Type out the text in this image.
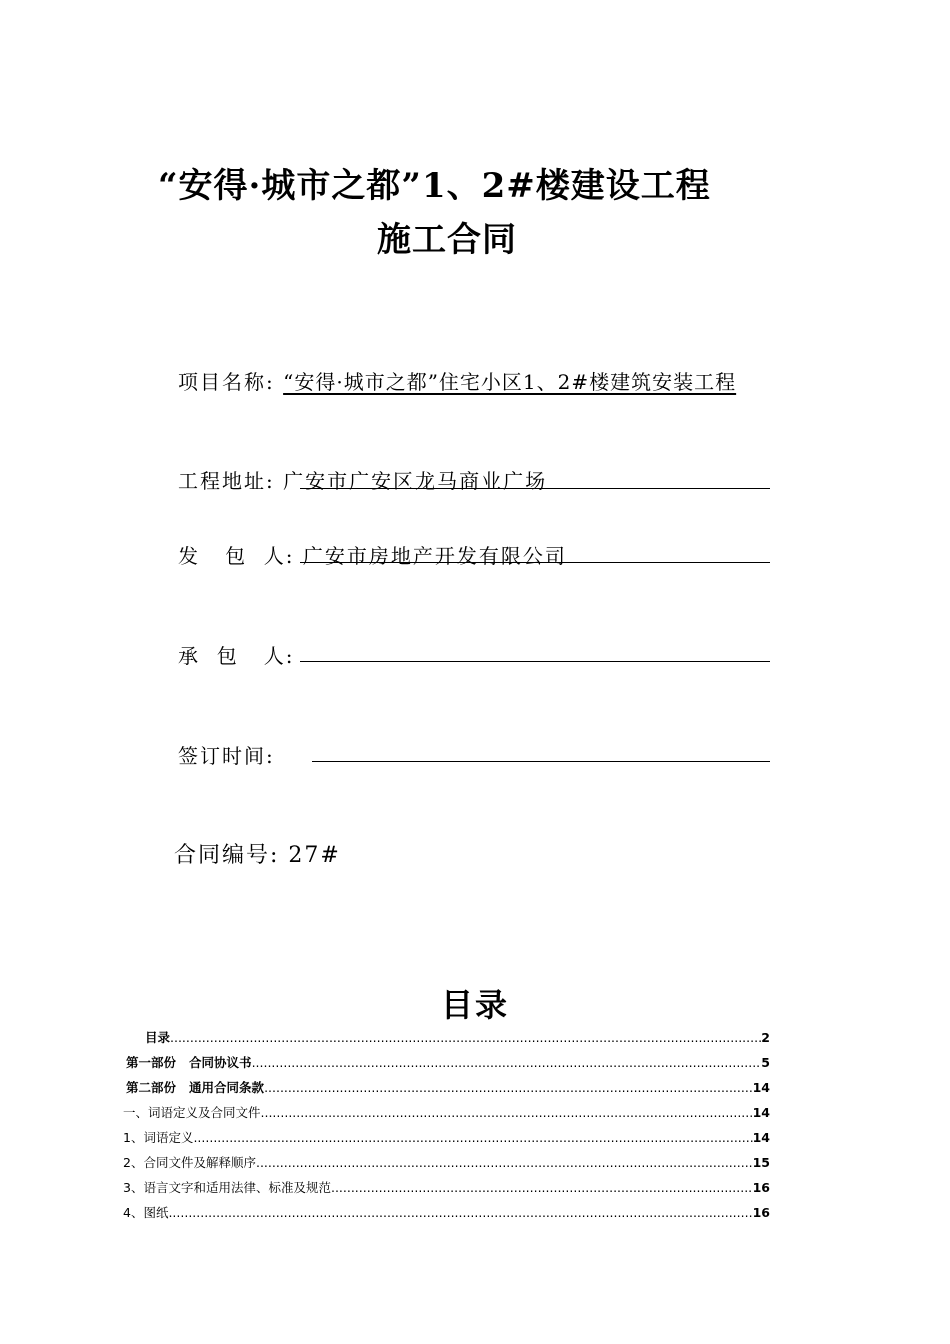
“安得·城市之都”1、2#楼建设工程
施工合同
项目名称: “安得·城市之都”住宅小区1、2#楼建筑安装工程
工程地址: 广安市广安区龙马商业广场
发   包  人: 广安市房地产开发有限公司
承  包   人:
签订时间:
合同编号: 27#
目录
目录 .....	2
第一部份   合同协议书 .....	5
第二部份   通用合同条款 .....	14
一、词语定义及合同文件 .....	14
1、词语定义 .....	14
2、合同文件及解释顺序 .....	15
3、语言文字和适用法律、标准及规范 .....	16
4、图纸 .....	16
